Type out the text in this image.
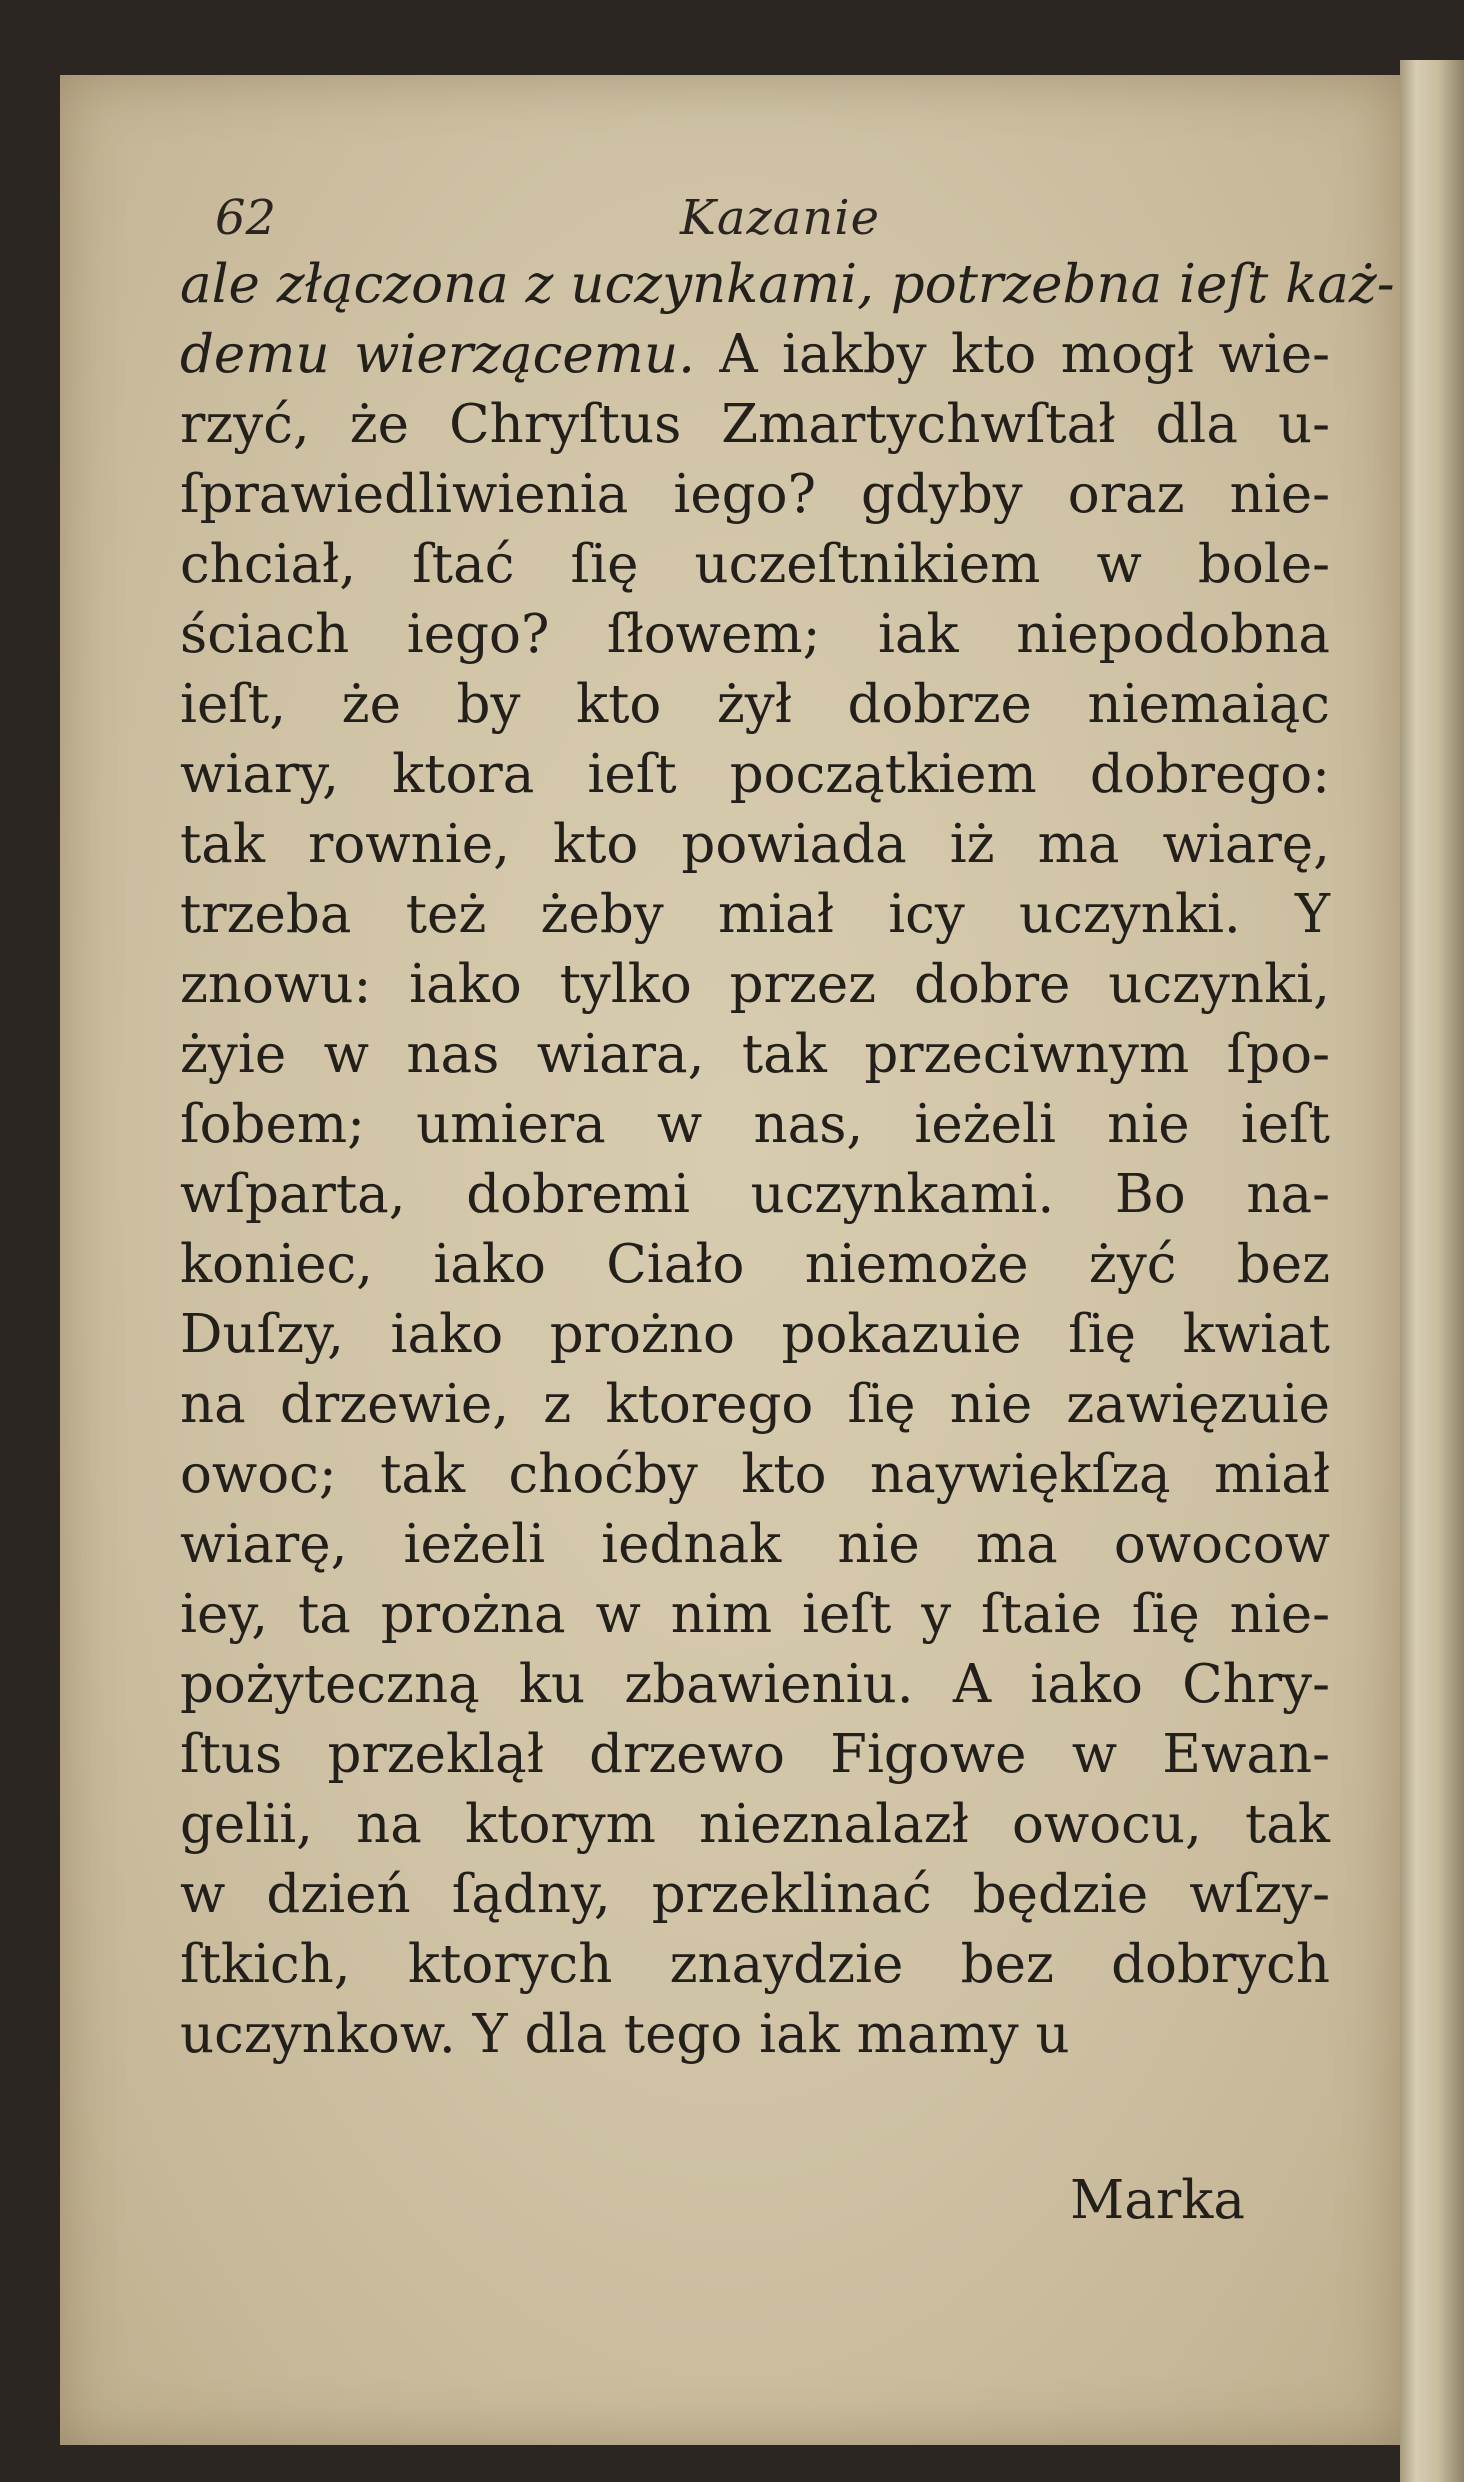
62	Kazanie
ale złączona z uczynkami, potrzebna ieſt każ-
demu wierzącemu. A iakby kto mogł wie-
rzyć, że Chryſtus Zmartychwſtał dla u-
ſprawiedliwienia iego? gdyby oraz nie-
chciał, ſtać ſię uczeſtnikiem w bole-
ściach iego? ſłowem; iak niepodobna
ieſt, że by kto żył dobrze niemaiąc
wiary, ktora ieſt początkiem dobrego:
tak rownie, kto powiada iż ma wiarę,
trzeba też żeby miał icy uczynki. Y
znowu: iako tylko przez dobre uczynki,
żyie w nas wiara, tak przeciwnym ſpo-
ſobem; umiera w nas, ieżeli nie ieſt
wſparta, dobremi uczynkami. Bo na-
koniec, iako Ciało niemoże żyć bez
Duſzy, iako prożno pokazuie ſię kwiat
na drzewie, z ktorego ſię nie zawięzuie
owoc; tak choćby kto naywiękſzą miał
wiarę, ieżeli iednak nie ma owocow
iey, ta prożna w nim ieſt y ſtaie ſię nie-
pożyteczną ku zbawieniu. A iako Chry-
ſtus przeklął drzewo Figowe w Ewan-
gelii, na ktorym nieznalazł owocu, tak
w dzień ſądny, przeklinać będzie wſzy-
ſtkich, ktorych znaydzie bez dobrych
uczynkow. Y dla tego iak mamy u
Marka
